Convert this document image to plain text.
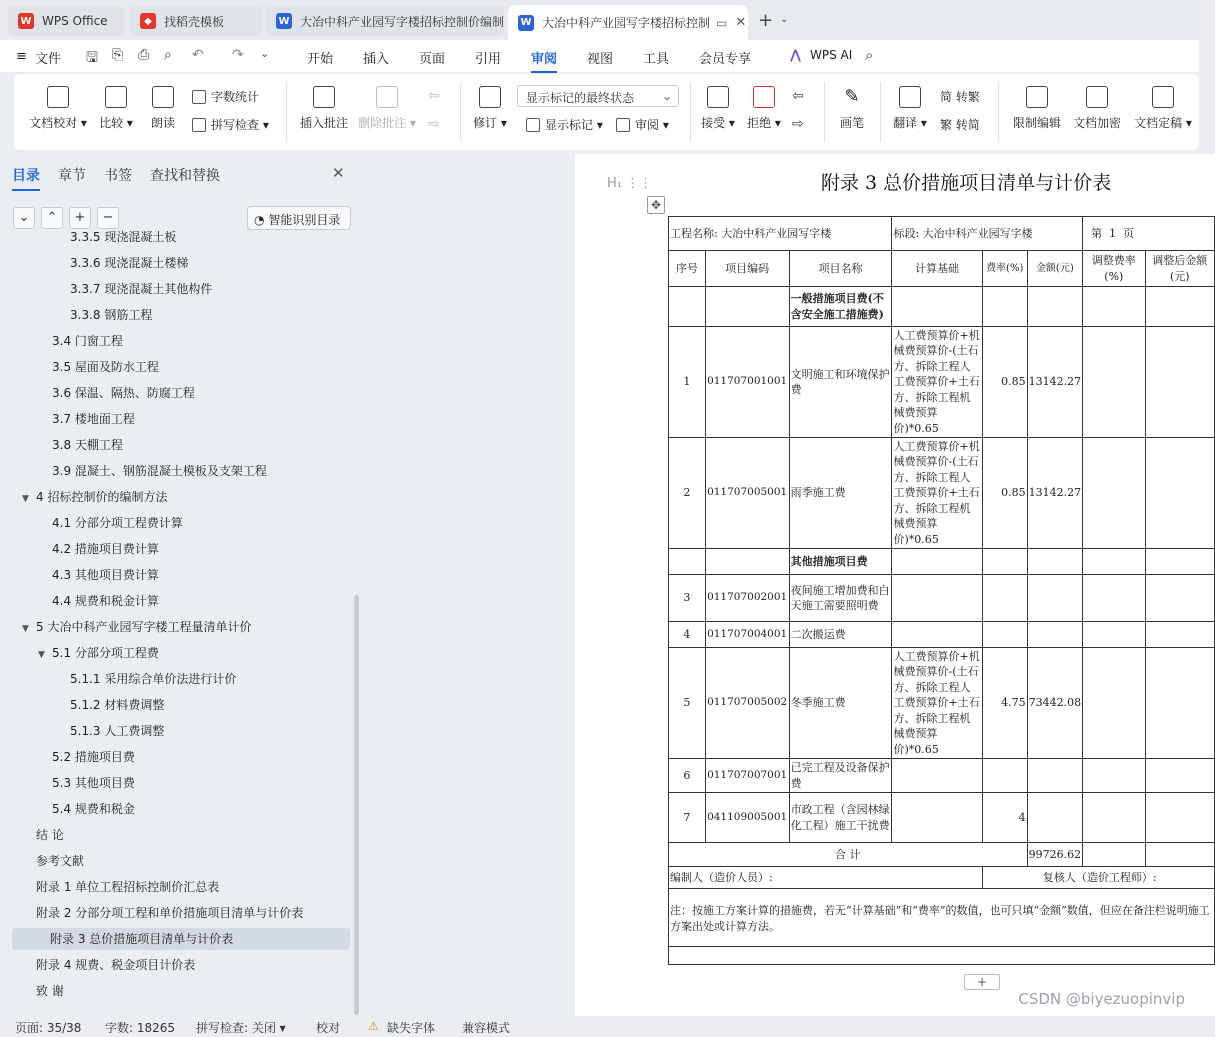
W WPS Office	◆	找稻壳模板	W 大冶中科产业园写字楼招标控制价编制 W 大冶中科产业园写字楼招标控制 ▭ ✕ + ⌄
≡ 文件 🖫 ⎘ ⎙ ⌕ ↶ ↷ ⌄	开始 插入 页面 引用 审阅 视图 工具 会员专享	⋀ WPS AI ⌕
文档校对 ▾ 比较 ▾	朗读
字数统计
拼写检查 ▾	插入批注 删除批注 ▾
⇦
⇨	修订 ▾
显示标记的最终状态 ⌄
显示标记 ▾	审阅 ▾	接受 ▾ 拒绝 ▾
⇦
⇨
✎
画笔	翻译 ▾
简 转繁
繁 转简	限制编辑 文档加密 文档定稿 ▾
目录 章节 书签 查找和替换	✕
⌄	⌃	+	−	◔ 智能识别目录
3.3.5 现浇混凝土板
3.3.6 现浇混凝土楼梯
3.3.7 现浇混凝土其他构件
3.3.8 钢筋工程
3.4 门窗工程
3.5 屋面及防水工程
3.6 保温、隔热、防腐工程
3.7 楼地面工程
3.8 天棚工程
3.9 混凝土、钢筋混凝土模板及支架工程
▼ 4 招标控制价的编制方法
4.1 分部分项工程费计算
4.2 措施项目费计算
4.3 其他项目费计算
4.4 规费和税金计算
▼ 5 大冶中科产业园写字楼工程量清单计价
▼ 5.1 分部分项工程费
5.1.1 采用综合单价法进行计价
5.1.2 材料费调整
5.1.3 人工费调整
5.2 措施项目费
5.3 其他项目费
5.4 规费和税金
结 论
参考文献
附录 1 单位工程招标控制价汇总表
附录 2 分部分项工程和单价措施项目清单与计价表
附录 3 总价措施项目清单与计价表
附录 4 规费、税金项目计价表
致 谢
H₁ ⋮⋮	附录 3 总价措施项目清单与计价表
✥
工程名称: 大冶中科产业园写字楼			标段: 大冶中科产业园写字楼			第 1 页	
序号	项目编码	项目名称	计算基础	费率(%)	金额(元)	调整费率(%)	调整后金额(元)
		一般措施项目费(不含安全施工措施费)					
1	011707001001	文明施工和环境保护费	人工费预算价+机械费预算价-(土石方、拆除工程人工费预算价+土石方、拆除工程机械费预算价)*0.65	0.85	13142.27		
2	011707005001	雨季施工费	人工费预算价+机械费预算价-(土石方、拆除工程人工费预算价+土石方、拆除工程机械费预算价)*0.65	0.85	13142.27		
		其他措施项目费					
3	011707002001	夜间施工增加费和白天施工需要照明费					
4	011707004001	二次搬运费					
5	011707005002	冬季施工费	人工费预算价+机械费预算价-(土石方、拆除工程人工费预算价+土石方、拆除工程机械费预算价)*0.65	4.75	73442.08		
6	011707007001	已完工程及设备保护费					
7	041109005001	市政工程（含园林绿化工程）施工干扰费		4			
合 计					99726.62		
编制人（造价人员）:				复核人（造价工程师）:			
注：按施工方案计算的措施费，若无“计算基础”和“费率”的数值，也可只填“金额”数值，但应在备注栏说明施工方案出处或计算方法。							

+
页面: 35/38 字数: 18265 拼写检查: 关闭 ▾	校对 ⚠ 缺失字体 兼容模式
CSDN @biyezuopinvip
